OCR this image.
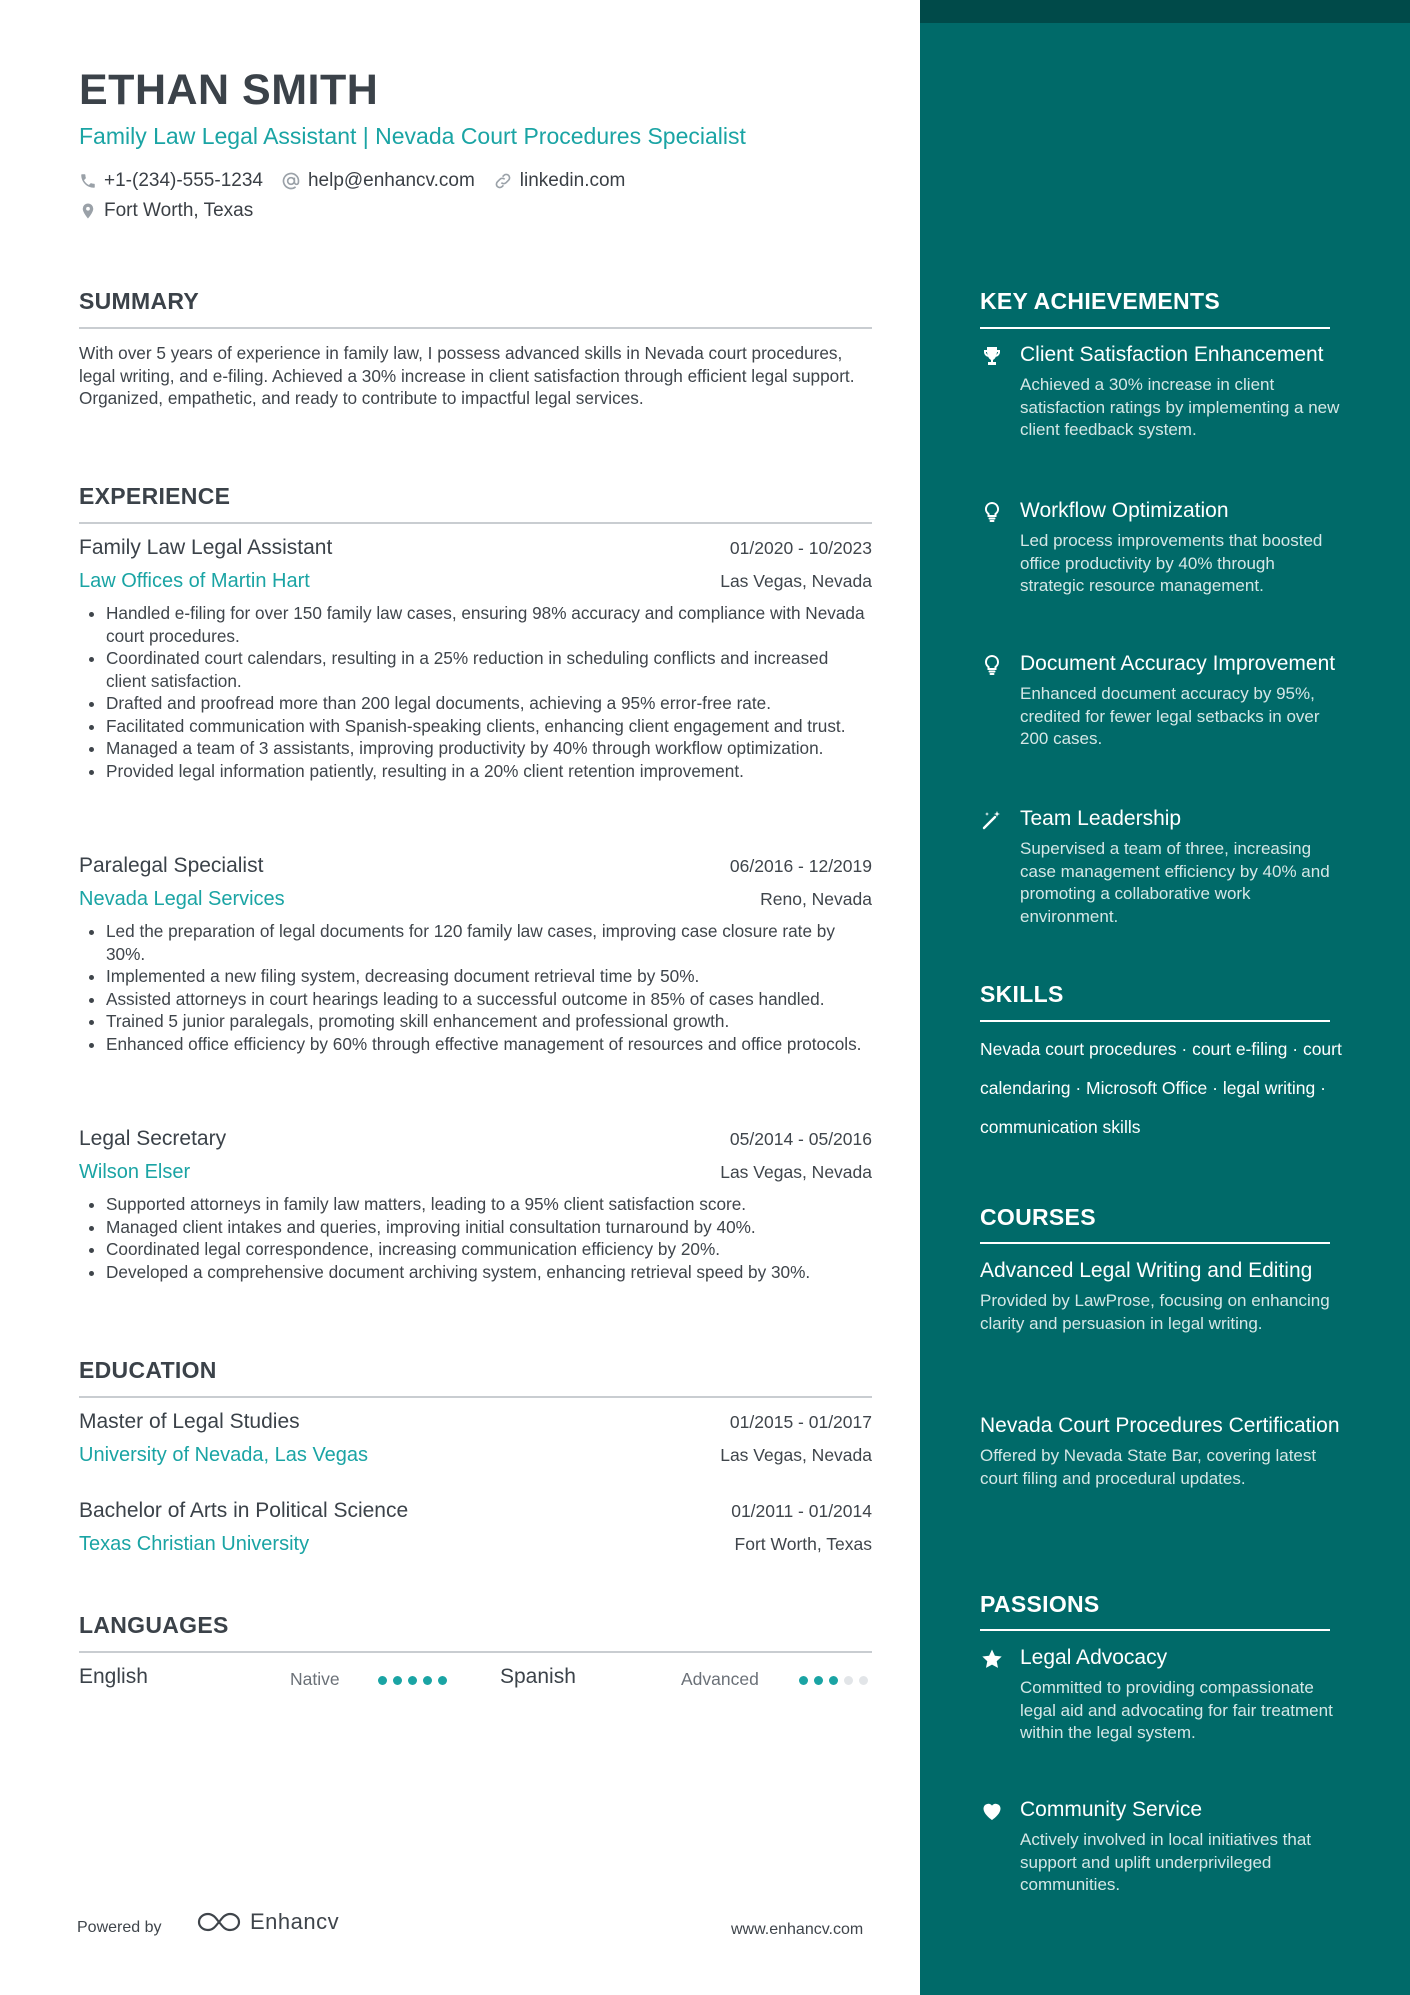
ETHAN SMITH
Family Law Legal Assistant | Nevada Court Procedures Specialist
+1-(234)-555-1234 help@enhancv.com linkedin.com
Fort Worth, Texas
SUMMARY

With over 5 years of experience in family law, I possess advanced skills in Nevada court procedures, legal writing, and e-filing. Achieved a 30% increase in client satisfaction through efficient legal support. Organized, empathetic, and ready to contribute to impactful legal services.

EXPERIENCE
Family Law Legal Assistant	01/2020 - 10/2023
Law Offices of Martin Hart	Las Vegas, Nevada
• Handled e-filing for over 150 family law cases, ensuring 98% accuracy and compliance with Nevada court procedures.
• Coordinated court calendars, resulting in a 25% reduction in scheduling conflicts and increased client satisfaction.
• Drafted and proofread more than 200 legal documents, achieving a 95% error-free rate.
• Facilitated communication with Spanish-speaking clients, enhancing client engagement and trust.
• Managed a team of 3 assistants, improving productivity by 40% through workflow optimization.
• Provided legal information patiently, resulting in a 20% client retention improvement.
Paralegal Specialist	06/2016 - 12/2019
Nevada Legal Services	Reno, Nevada
• Led the preparation of legal documents for 120 family law cases, improving case closure rate by 30%.
• Implemented a new filing system, decreasing document retrieval time by 50%.
• Assisted attorneys in court hearings leading to a successful outcome in 85% of cases handled.
• Trained 5 junior paralegals, promoting skill enhancement and professional growth.
• Enhanced office efficiency by 60% through effective management of resources and office protocols.
Legal Secretary	05/2014 - 05/2016
Wilson Elser	Las Vegas, Nevada
• Supported attorneys in family law matters, leading to a 95% client satisfaction score.
• Managed client intakes and queries, improving initial consultation turnaround by 40%.
• Coordinated legal correspondence, increasing communication efficiency by 20%.
• Developed a comprehensive document archiving system, enhancing retrieval speed by 30%.
EDUCATION
Master of Legal Studies	01/2015 - 01/2017
University of Nevada, Las Vegas	Las Vegas, Nevada
Bachelor of Arts in Political Science	01/2011 - 01/2014
Texas Christian University	Fort Worth, Texas
LANGUAGES
English	Native	Spanish	Advanced
Powered by	Enhancv	www.enhancv.com
KEY ACHIEVEMENTS
Client Satisfaction Enhancement
Achieved a 30% increase in client satisfaction ratings by implementing a new client feedback system.
Workflow Optimization
Led process improvements that boosted office productivity by 40% through strategic resource management.
Document Accuracy Improvement
Enhanced document accuracy by 95%, credited for fewer legal setbacks in over 200 cases.
Team Leadership
Supervised a team of three, increasing case management efficiency by 40% and promoting a collaborative work environment.
SKILLS
Nevada court procedures · court e-filing · court calendaring · Microsoft Office · legal writing · communication skills
COURSES
Advanced Legal Writing and Editing
Provided by LawProse, focusing on enhancing clarity and persuasion in legal writing.
Nevada Court Procedures Certification
Offered by Nevada State Bar, covering latest court filing and procedural updates.
PASSIONS
Legal Advocacy
Committed to providing compassionate legal aid and advocating for fair treatment within the legal system.
Community Service
Actively involved in local initiatives that support and uplift underprivileged communities.
